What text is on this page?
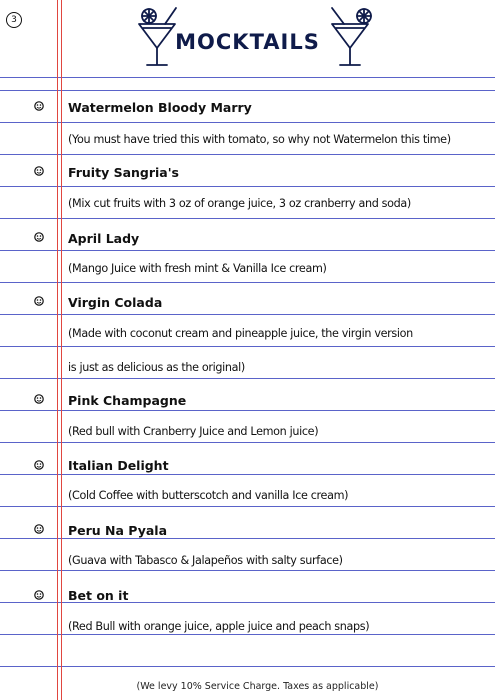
3
MOCKTAILS
Watermelon Bloody Marry
(You must have tried this with tomato, so why not Watermelon this time)
Fruity Sangria's
(Mix cut fruits with 3 oz of orange juice, 3 oz cranberry and soda)
April Lady
(Mango Juice with fresh mint & Vanilla Ice cream)
Virgin Colada
(Made with coconut cream and pineapple juice, the virgin version
is just as delicious as the original)
Pink Champagne
(Red bull with Cranberry Juice and Lemon juice)
Italian Delight
(Cold Coffee with butterscotch and vanilla Ice cream)
Peru Na Pyala
(Guava with Tabasco & Jalapeños with salty surface)
Bet on it
(Red Bull with orange juice, apple juice and peach snaps)
(We levy 10% Service Charge. Taxes as applicable)
